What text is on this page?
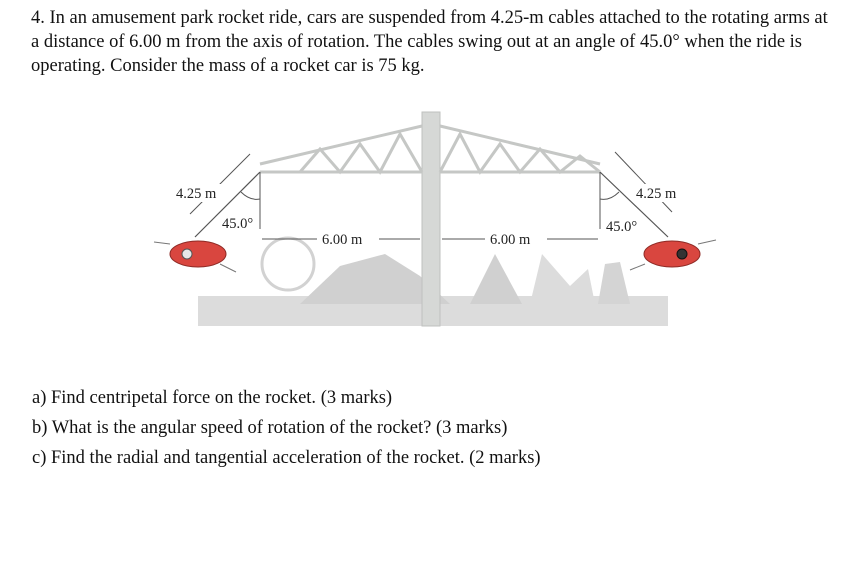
4. In an amusement park rocket ride, cars are suspended from 4.25-m cables attached to the rotating arms at a distance of 6.00 m from the axis of rotation. The cables swing out at an angle of 45.0° when the ride is operating. Consider the mass of a rocket car is 75 kg.
4.25 m	4.25 m
45.0°	45.0°
6.00 m	6.00 m
a) Find centripetal force on the rocket. (3 marks)
b) What is the angular speed of rotation of the rocket? (3 marks)
c) Find the radial and tangential acceleration of the rocket. (2 marks)
